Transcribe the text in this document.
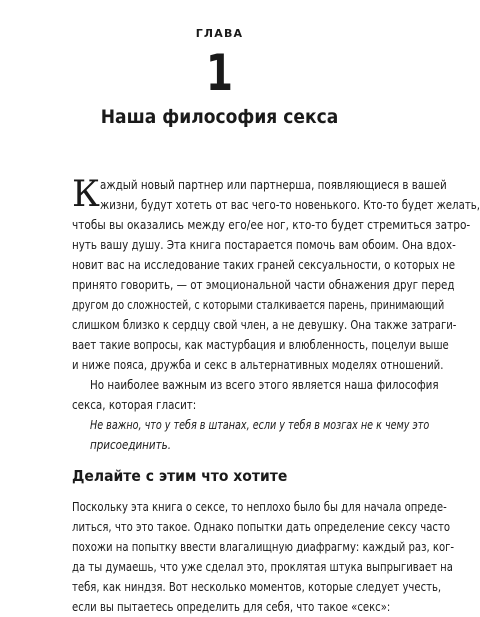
ГЛАВА
1
Наша философия секса
К аждый новый партнер или партнерша, появляющиеся в вашей
жизни, будут хотеть от вас чего-то новенького. Кто-то будет желать,
чтобы вы оказались между его/ее ног, кто-то будет стремиться затро-
нуть вашу душу. Эта книга постарается помочь вам обоим. Она вдох-
новит вас на исследование таких граней сексуальности, о которых не
принято говорить, — от эмоциональной части обнажения друг перед
другом до сложностей, с которыми сталкивается парень, принимающий
слишком близко к сердцу свой член, а не девушку. Она также затраги-
вает такие вопросы, как мастурбация и влюбленность, поцелуи выше
и ниже пояса, дружба и секс в альтернативных моделях отношений.
Но наиболее важным из всего этого является наша философия
секса, которая гласит:
Не важно, что у тебя в штанах, если у тебя в мозгах не к чему это
присоединить.
Делайте с этим что хотите
Поскольку эта книга о сексе, то неплохо было бы для начала опреде-
литься, что это такое. Однако попытки дать определение сексу часто
похожи на попытку ввести влагалищную диафрагму: каждый раз, ког-
да ты думаешь, что уже сделал это, проклятая штука выпрыгивает на
тебя, как ниндзя. Вот несколько моментов, которые следует учесть,
если вы пытаетесь определить для себя, что такое «секс»:
